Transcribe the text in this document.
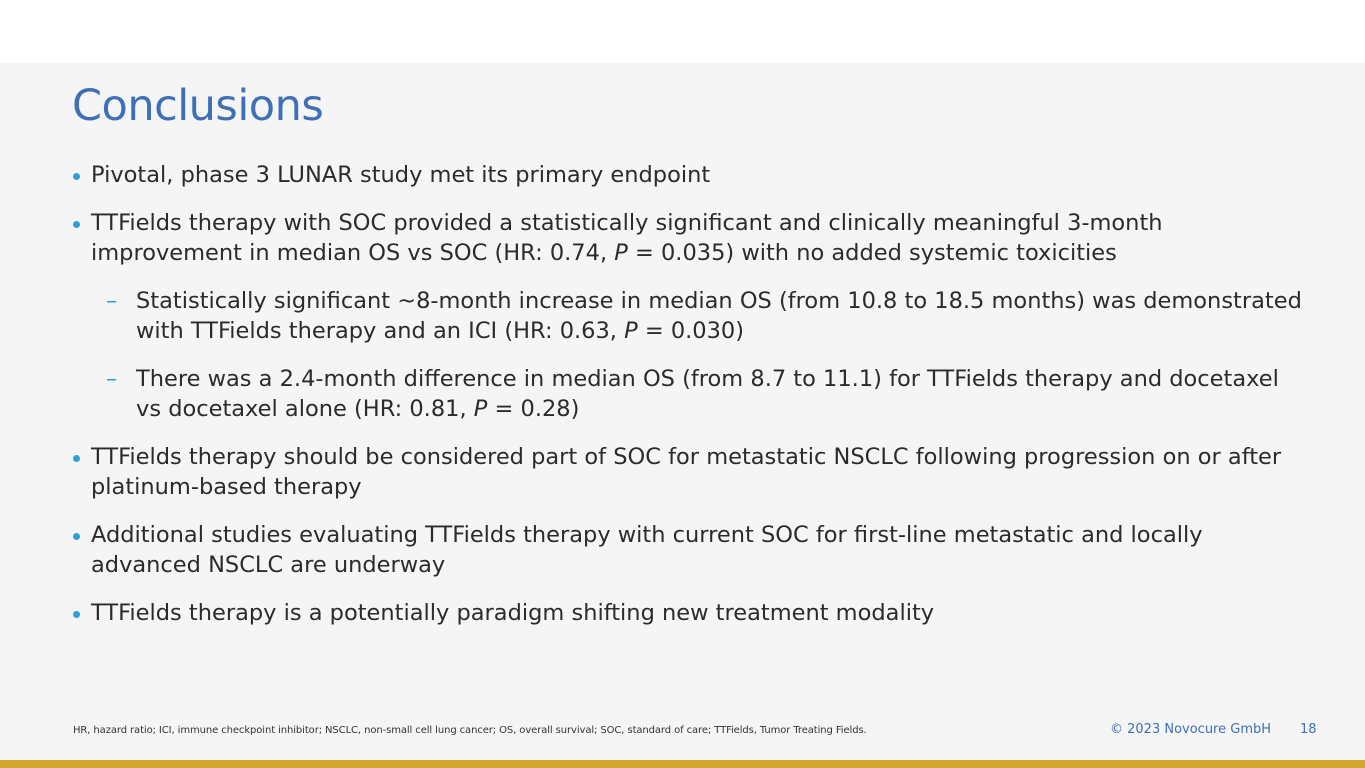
Conclusions
Pivotal, phase 3 LUNAR study met its primary endpoint
TTFields therapy with SOC provided a statistically significant and clinically meaningful 3-month improvement in median OS vs SOC (HR: 0.74, P = 0.035) with no added systemic toxicities
– Statistically significant ~8-month increase in median OS (from 10.8 to 18.5 months) was demonstrated with TTFields therapy and an ICI (HR: 0.63, P = 0.030)
– There was a 2.4-month difference in median OS (from 8.7 to 11.1) for TTFields therapy and docetaxel vs docetaxel alone (HR: 0.81, P = 0.28)
TTFields therapy should be considered part of SOC for metastatic NSCLC following progression on or after platinum-based therapy
Additional studies evaluating TTFields therapy with current SOC for first-line metastatic and locally advanced NSCLC are underway
TTFields therapy is a potentially paradigm shifting new treatment modality
HR, hazard ratio; ICI, immune checkpoint inhibitor; NSCLC, non-small cell lung cancer; OS, overall survival; SOC, standard of care; TTFields, Tumor Treating Fields.	© 2023 Novocure GmbH 18
